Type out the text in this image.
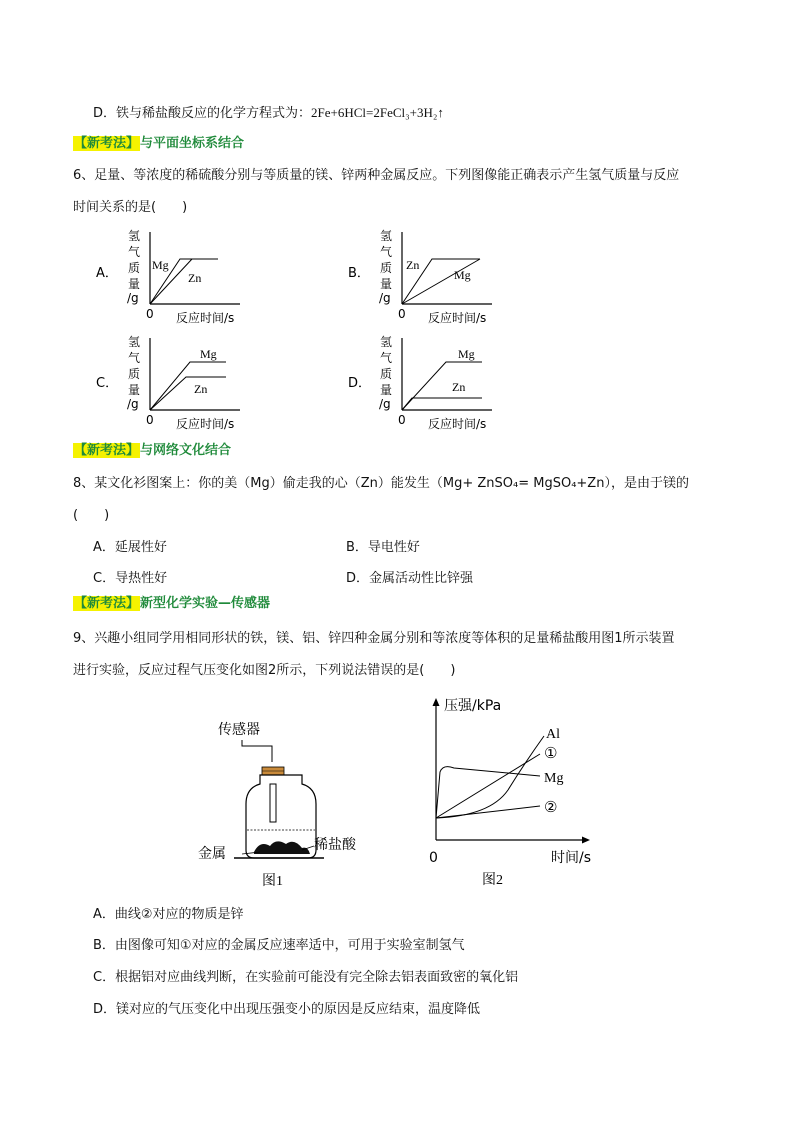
D．铁与稀盐酸反应的化学方程式为：2Fe+6HCl=2FeCl₃+3H₂↑
【新考法】与平面坐标系结合
6、足量、等浓度的稀硫酸分别与等质量的镁、锌两种金属反应。下列图像能正确表示产生氢气质量与反应
时间关系的是(　　)
A．
氢
气
质
量
/g
0 反应时间/s
Mg
Zn	B．
氢
气
质
量
/g
0 反应时间/s
Zn
Mg
C．
氢
气
质
量
/g
0 反应时间/s
Mg
Zn	D．
氢
气
质
量
/g
0 反应时间/s
Mg
Zn
【新考法】与网络文化结合
8、某文化衫图案上：你的美（Mg）偷走我的心（Zn）能发生（Mg+ ZnSO₄= MgSO₄+Zn），是由于镁的
(　　)
A．延展性好	B．导电性好
C．导热性好	D．金属活动性比锌强
【新考法】新型化学实验—传感器
9、兴趣小组同学用相同形状的铁，镁、铝、锌四种金属分别和等浓度等体积的足量稀盐酸用图1所示装置
进行实验，反应过程气压变化如图2所示，下列说法错误的是(　　)
传感器
金属
稀盐酸
图1
压强/kPa
0	时间/s
Al
①
Mg
②
图2
A．曲线②对应的物质是锌
B．由图像可知①对应的金属反应速率适中，可用于实验室制氢气
C．根据铝对应曲线判断，在实验前可能没有完全除去铝表面致密的氧化铝
D．镁对应的气压变化中出现压强变小的原因是反应结束，温度降低
